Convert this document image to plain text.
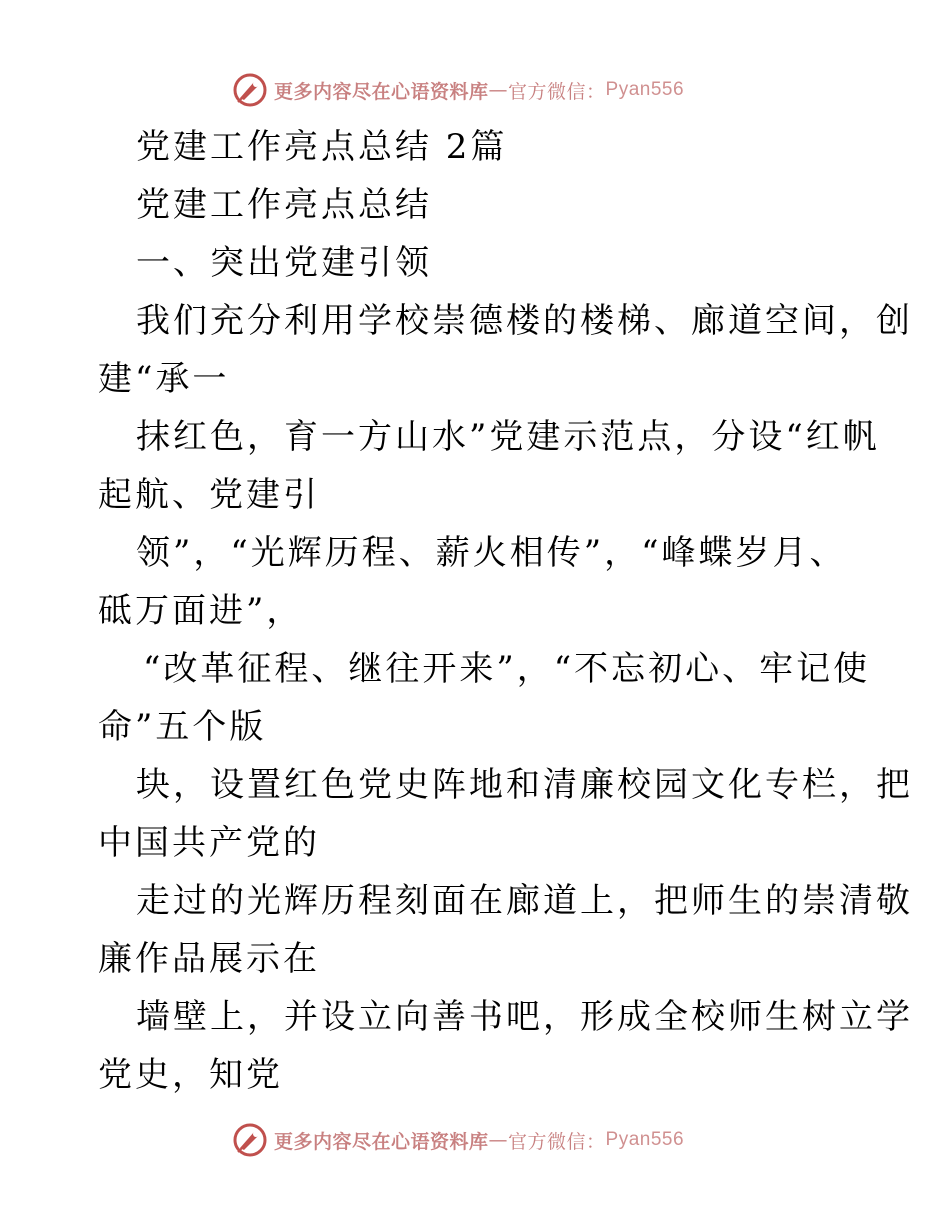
更多内容尽在心语资料库 — 官方微信： Pyan556
党建工作亮点总结 2篇
党建工作亮点总结
一、突出党建引领
我们充分利用学校崇德楼的楼梯、廊道空间，创
建“承一
抹红色，育一方山水”党建示范点，分设“红帆
起航、党建引
领”，“光辉历程、薪火相传”，“峰蝶岁月、
砥万面进”，
“改革征程、继往开来”，“不忘初心、牢记使
命”五个版
块，设置红色党史阵地和清廉校园文化专栏，把
中国共产党的
走过的光辉历程刻面在廊道上，把师生的崇清敬
廉作品展示在
墙壁上，并设立向善书吧，形成全校师生树立学
党史，知党
更多内容尽在心语资料库 — 官方微信： Pyan556
